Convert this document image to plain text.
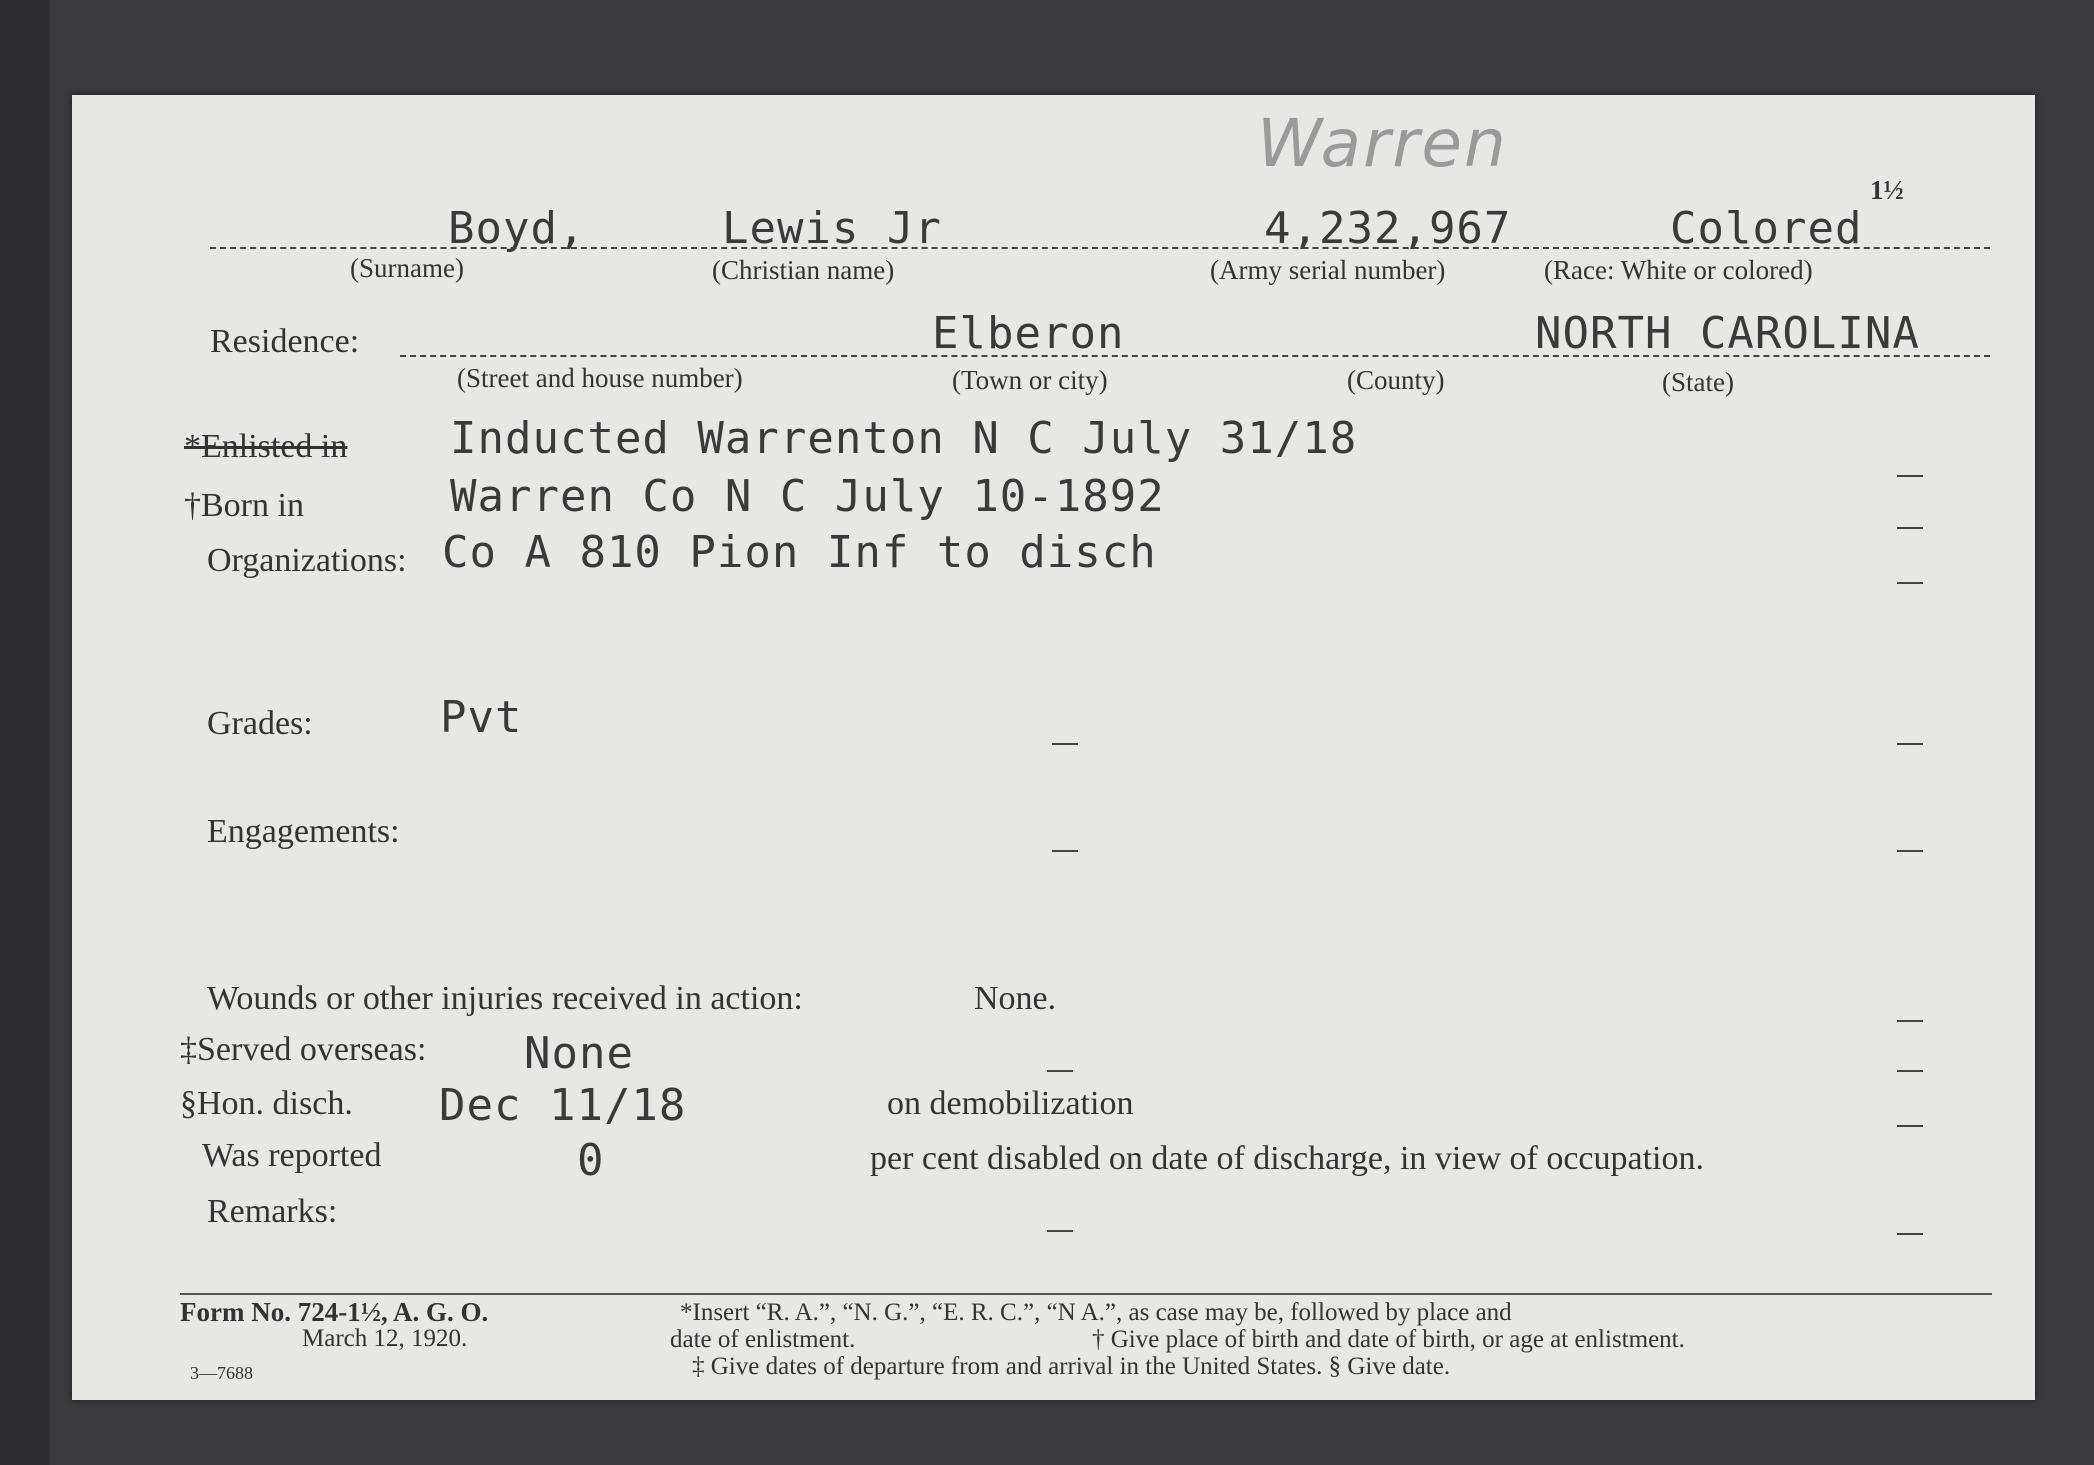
Warren
1½
Boyd,	Lewis Jr	4,232,967	Colored
(Surname)	(Christian name)	(Army serial number)	(Race: White or colored)
Residence:	Elberon	NORTH CAROLINA
(Street and house number)	(Town or city)	(County)	(State)
*Enlisted in Inducted Warrenton N C July 31/18
†Born in	Warren Co N C July 10-1892
Organizations: Co A 810 Pion Inf to disch
Grades:	Pvt
Engagements:
Wounds or other injuries received in action:	None.
‡Served overseas: None
§Hon. disch. Dec 11/18	on demobilization
Was reported	0	per cent disabled on date of discharge, in view of occupation.
Remarks:
Form No. 724-1½, A. G. O.
March 12, 1920.
3—7688
*Insert “R. A.”, “N. G.”, “E. R. C.”, “N A.”, as case may be, followed by place and
date of enlistment.	† Give place of birth and date of birth, or age at enlistment.
‡ Give dates of departure from and arrival in the United States. § Give date.
